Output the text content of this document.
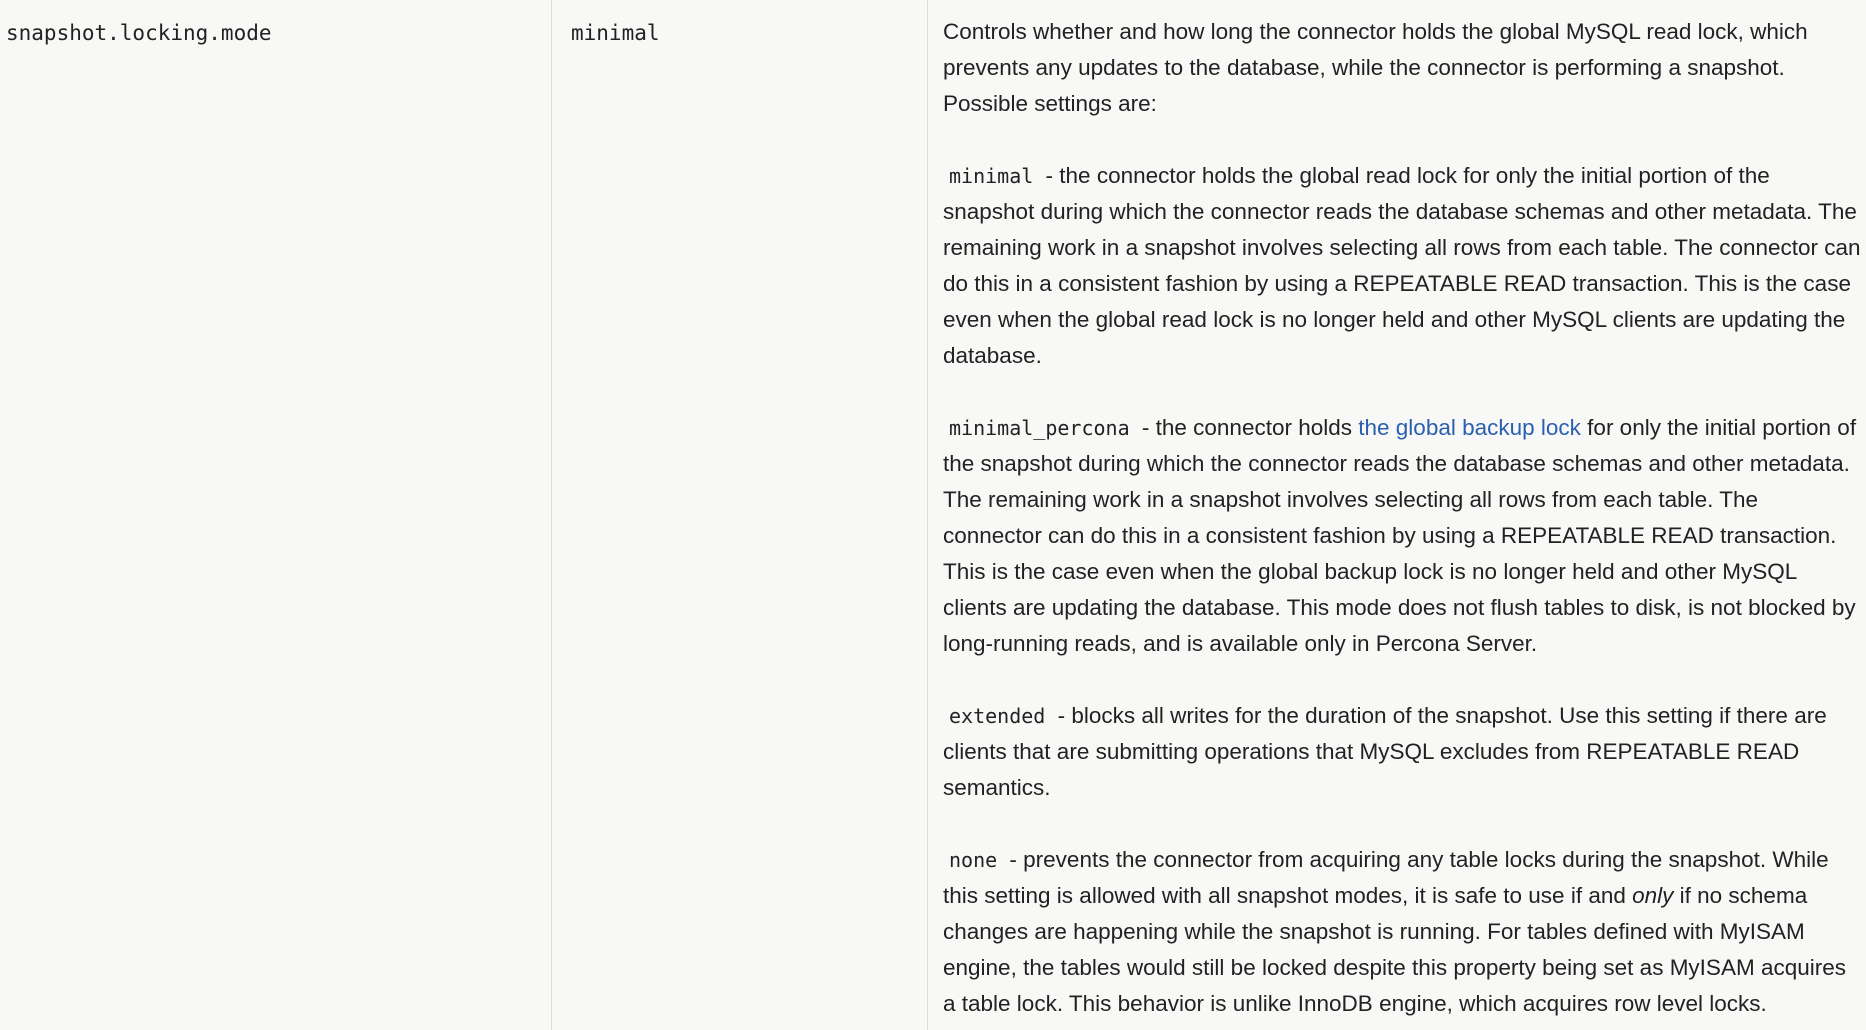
snapshot.locking.mode	minimal	Controls whether and how long the connector holds the global MySQL read lock, which prevents any updates to the database, while the connector is performing a snapshot. Possible settings are:

minimal - the connector holds the global read lock for only the initial portion of the snapshot during which the connector reads the database schemas and other metadata. The remaining work in a snapshot involves selecting all rows from each table. The connector can do this in a consistent fashion by using a REPEATABLE READ transaction. This is the case even when the global read lock is no longer held and other MySQL clients are updating the database.

minimal_percona - the connector holds the global backup lock for only the initial portion of the snapshot during which the connector reads the database schemas and other metadata. The remaining work in a snapshot involves selecting all rows from each table. The connector can do this in a consistent fashion by using a REPEATABLE READ transaction. This is the case even when the global backup lock is no longer held and other MySQL clients are updating the database. This mode does not flush tables to disk, is not blocked by long-running reads, and is available only in Percona Server.

extended - blocks all writes for the duration of the snapshot. Use this setting if there are clients that are submitting operations that MySQL excludes from REPEATABLE READ semantics.

none - prevents the connector from acquiring any table locks during the snapshot. While this setting is allowed with all snapshot modes, it is safe to use if and only if no schema changes are happening while the snapshot is running. For tables defined with MyISAM engine, the tables would still be locked despite this property being set as MyISAM acquires a table lock. This behavior is unlike InnoDB engine, which acquires row level locks.
